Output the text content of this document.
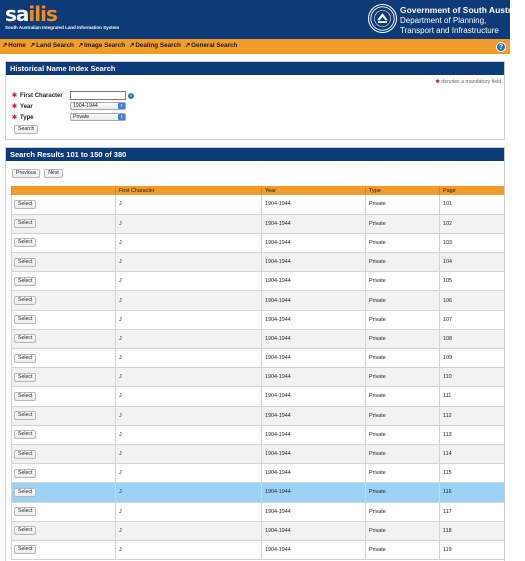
sailis
South Australian Integrated Land Information System
Government of South Australia
Department of Planning,
Transport and Infrastructure
↗Home ↗Land Search ↗Image Search ↗Dealing Search ↗General Search	?
Historical Name Index Search
✱ denotes a mandatory field
✱ First Character	i
✱ Year	1904-1944	⇕
✱ Type	Private	⇕
Search
Search Results 101 to 150 of 380
Previous	Next
	First Character	Year	Type	Page
Select	J	1904-1944	Private	101
Select	J	1904-1944	Private	102
Select	J	1904-1944	Private	103
Select	J	1904-1944	Private	104
Select	J	1904-1944	Private	105
Select	J	1904-1944	Private	106
Select	J	1904-1944	Private	107
Select	J	1904-1944	Private	108
Select	J	1904-1944	Private	109
Select	J	1904-1944	Private	110
Select	J	1904-1944	Private	111
Select	J	1904-1944	Private	112
Select	J	1904-1944	Private	113
Select	J	1904-1944	Private	114
Select	J	1904-1944	Private	115
Select	J	1904-1944	Private	116
Select	J	1904-1944	Private	117
Select	J	1904-1944	Private	118
Select	J	1904-1944	Private	119
